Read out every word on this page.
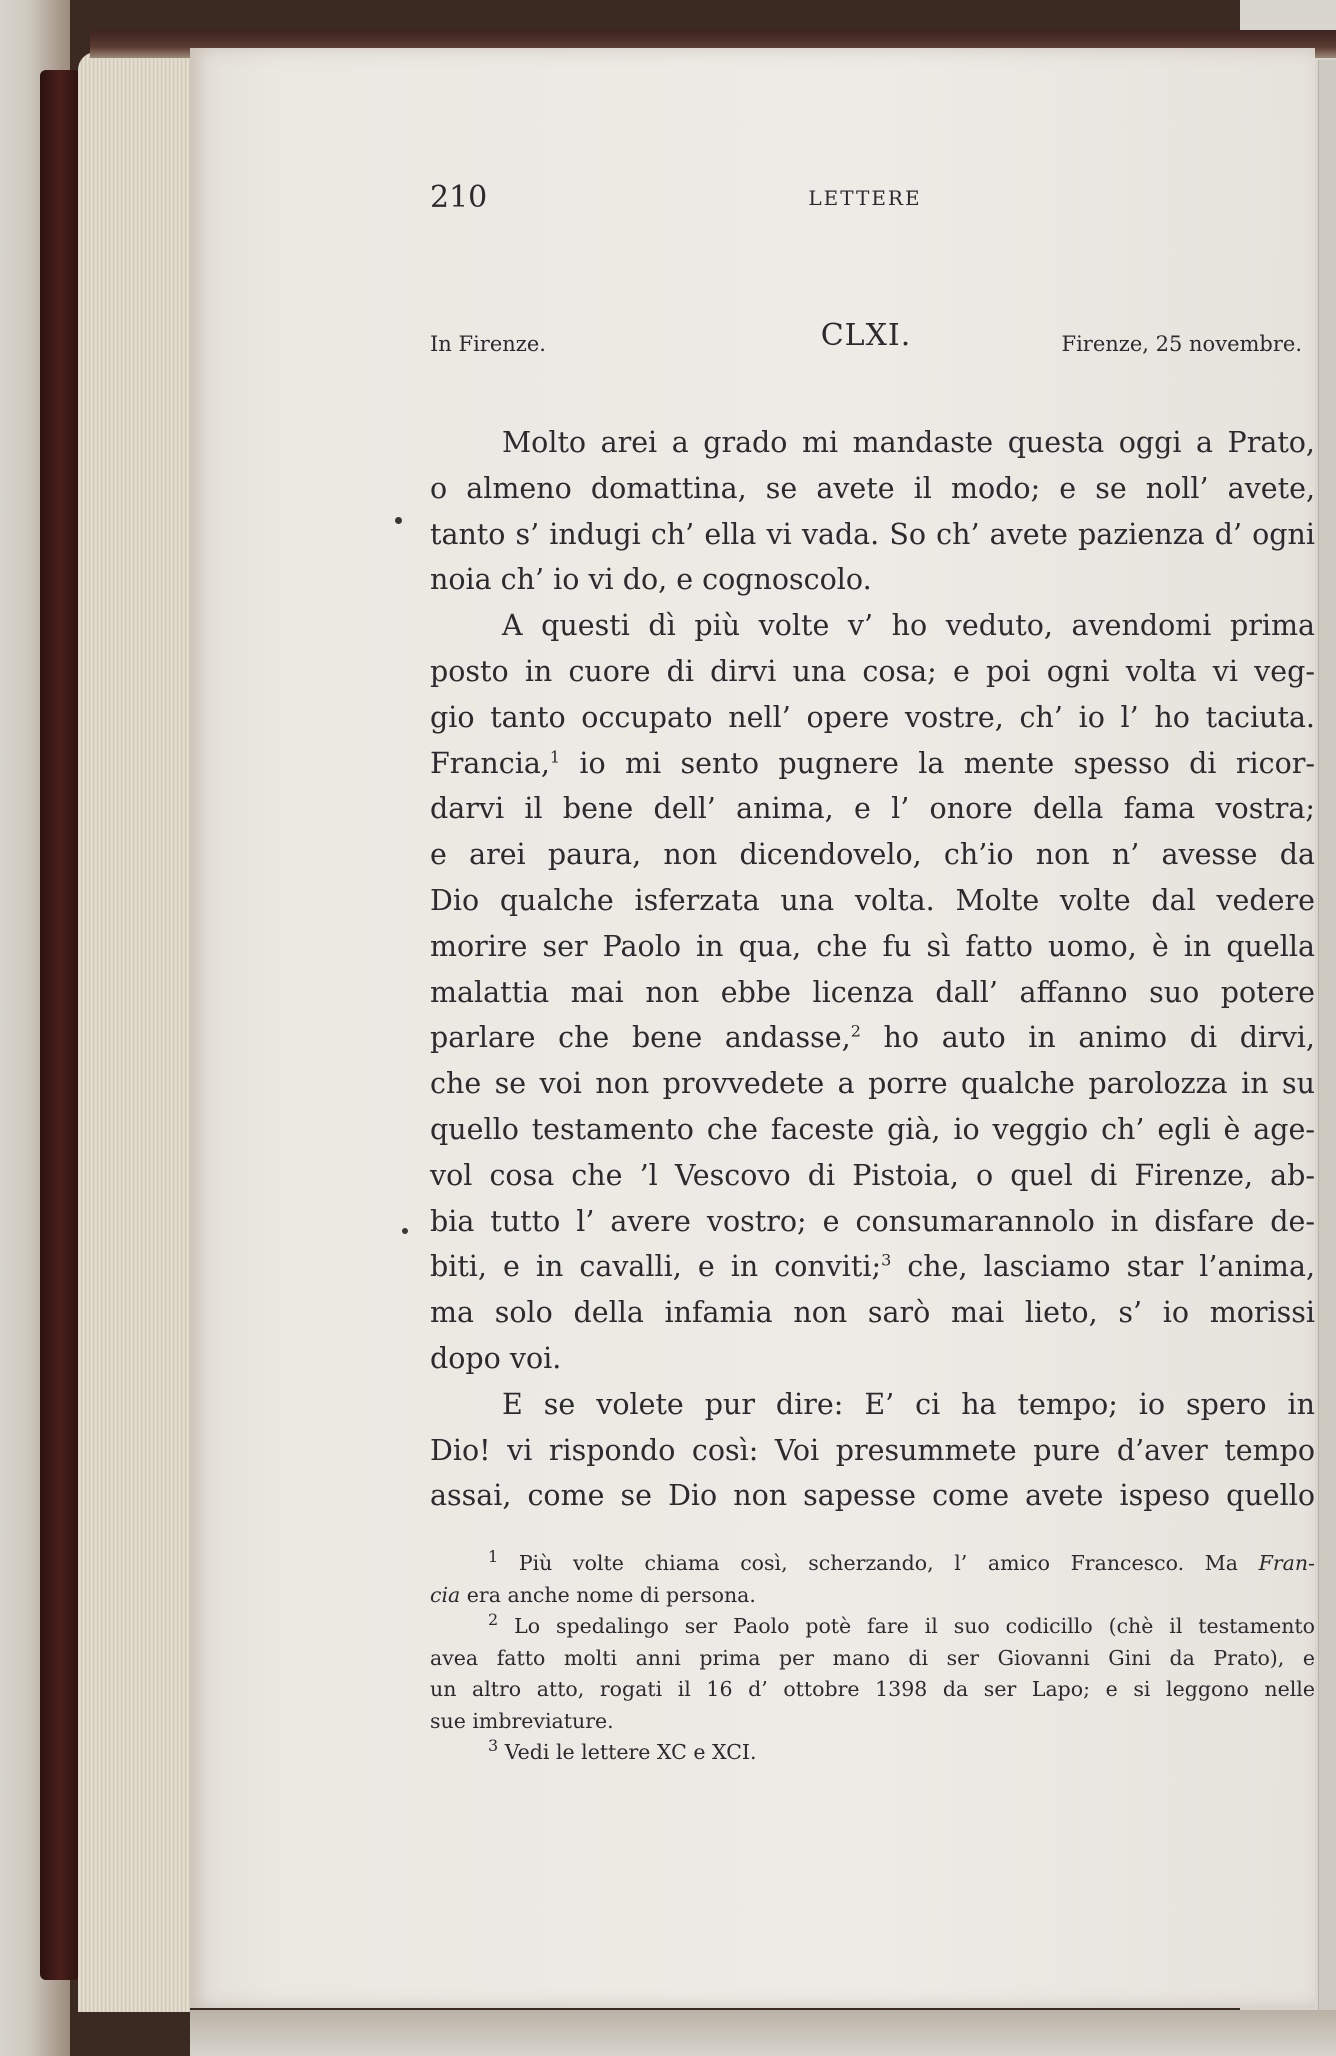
210	LETTERE
In Firenze.	CLXI.	Firenze, 25 novembre.
Molto arei a grado mi mandaste questa oggi a Prato,
o almeno domattina, se avete il modo; e se noll’ avete,
tanto s’ indugi ch’ ella vi vada. So ch’ avete pazienza d’ ogni
noia ch’ io vi do, e cognoscolo.
A questi dì più volte v’ ho veduto, avendomi prima
posto in cuore di dirvi una cosa; e poi ogni volta vi veg-
gio tanto occupato nell’ opere vostre, ch’ io l’ ho taciuta.
Francia,$^1$ io mi sento pugnere la mente spesso di ricor-
darvi il bene dell’ anima, e l’ onore della fama vostra;
e arei paura, non dicendovelo, ch’io non n’ avesse da
Dio qualche isferzata una volta. Molte volte dal vedere
morire ser Paolo in qua, che fu sì fatto uomo, è in quella
malattia mai non ebbe licenza dall’ affanno suo potere
parlare che bene andasse,$^2$ ho auto in animo di dirvi,
che se voi non provvedete a porre qualche parolozza in su
quello testamento che faceste già, io veggio ch’ egli è age-
vol cosa che ’l Vescovo di Pistoia, o quel di Firenze, ab-
bia tutto l’ avere vostro; e consumarannolo in disfare de-
biti, e in cavalli, e in conviti;$^3$ che, lasciamo star l’anima,
ma solo della infamia non sarò mai lieto, s’ io morissi
dopo voi.
E se volete pur dire: E’ ci ha tempo; io spero in
Dio! vi rispondo così: Voi presummete pure d’aver tempo
assai, come se Dio non sapesse come avete ispeso quello
$^1$ Più volte chiama così, scherzando, l’ amico Francesco. Ma Fran-
cia era anche nome di persona.
$^2$ Lo spedalingo ser Paolo potè fare il suo codicillo (chè il testamento
avea fatto molti anni prima per mano di ser Giovanni Gini da Prato), e
un altro atto, rogati il 16 d’ ottobre 1398 da ser Lapo; e si leggono nelle
sue imbreviature.
$^3$ Vedi le lettere XC e XCI.
